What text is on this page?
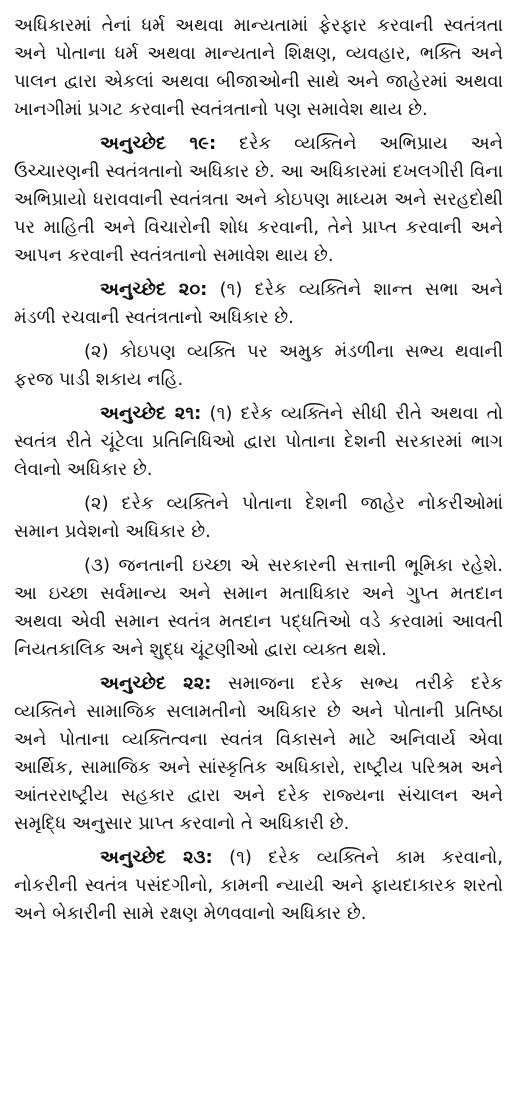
અધિકારમાં તેનાં ધર્મ અથવા માન્યતામાં ફેરફાર કરવાની સ્વતંત્રતા અને પોતાના ધર્મ અથવા માન્યતાને શિક્ષણ, વ્યવહાર, ભક્તિ અને પાલન દ્વારા એકલાં અથવા બીજાઓની સાથે અને જાહેરમાં અથવા ખાનગીમાં પ્રગટ કરવાની સ્વતંત્રતાનો પણ સમાવેશ થાય છે.

અનુચ્છેદ ૧૯: દરેક વ્યક્તિને અભિપ્રાય અને ઉચ્ચારણની સ્વતંત્રતાનો અધિકાર છે. આ અધિકારમાં દખલગીરી વિના અભિપ્રાયો ધરાવવાની સ્વતંત્રતા અને કોઇપણ માધ્યમ અને સરહદોથી પર માહિતી અને વિચારોની શોધ કરવાની, તેને પ્રાપ્ત કરવાની અને આપન કરવાની સ્વતંત્રતાનો સમાવેશ થાય છે.

અનુચ્છેદ ૨૦: (૧) દરેક વ્યક્તિને શાન્ત સભા અને મંડળી રચવાની સ્વતંત્રતાનો અધિકાર છે.

(૨) કોઇપણ વ્યક્તિ પર અમુક મંડળીના સભ્ય થવાની ફરજ પાડી શકાય નહિ.

અનુચ્છેદ ૨૧: (૧) દરેક વ્યક્તિને સીધી રીતે અથવા તો સ્વતંત્ર રીતે ચૂંટેલા પ્રતિનિધિઓ દ્વારા પોતાના દેશની સરકારમાં ભાગ લેવાનો અધિકાર છે.

(૨) દરેક વ્યક્તિને પોતાના દેશની જાહેર નોકરીઓમાં સમાન પ્રવેશનો અધિકાર છે.

(૩) જનતાની ઇચ્છા એ સરકારની સત્તાની ભૂમિકા રહેશે. આ ઇચ્છા સર્વમાન્ય અને સમાન મતાધિકાર અને ગુપ્ત મતદાન અથવા એવી સમાન સ્વતંત્ર મતદાન પદ્ધતિઓ વડે કરવામાં આવતી નિયતકાલિક અને શુદ્ધ ચૂંટણીઓ દ્વારા વ્યક્ત થશે.

અનુચ્છેદ ૨૨: સમાજના દરેક સભ્ય તરીકે દરેક વ્યક્તિને સામાજિક સલામતીનો અધિકાર છે અને પોતાની પ્રતિષ્ઠા અને પોતાના વ્યક્તિત્વના સ્વતંત્ર વિકાસને માટે અનિવાર્ય એવા આર્થિક, સામાજિક અને સાંસ્કૃતિક અધિકારો, રાષ્ટ્રીય પરિશ્રમ અને આંતરરાષ્ટ્રીય સહકાર દ્વારા અને દરેક રાજ્યના સંચાલન અને સમૃદ્ધિ અનુસાર પ્રાપ્ત કરવાનો તે અધિકારી છે.

અનુચ્છેદ ૨૩: (૧) દરેક વ્યક્તિને કામ કરવાનો, નોકરીની સ્વતંત્ર પસંદગીનો, કામની ન્યાયી અને ફાયદાકારક શરતો અને બેકારીની સામે રક્ષણ મેળવવાનો અધિકાર છે.
